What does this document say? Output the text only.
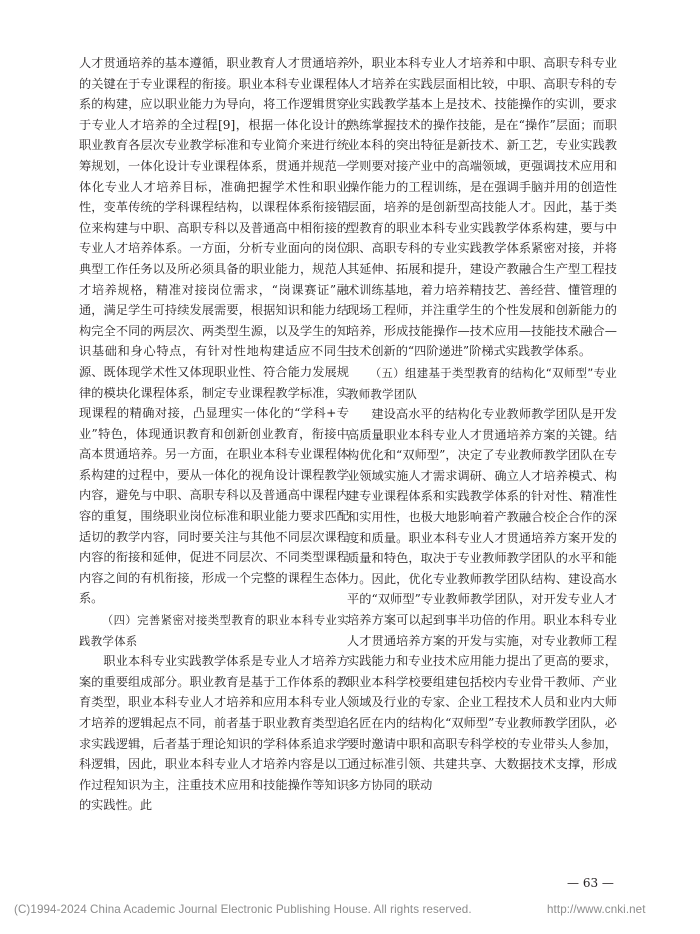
人才贯通培养的基本遵循，职业教育人才贯通培养的关键在于专业课程的衔接。职业本科专业课程体系的构建，应以职业能力为导向，将工作逻辑贯穿于专业人才培养的全过程[9]，根据一体化设计的职业教育各层次专业教学标准和专业简介来进行统筹规划，一体化设计专业课程体系，贯通并规范一体化专业人才培养目标，准确把握学术性和职业性，变革传统的学科课程结构，以课程体系衔接错位来构建与中职、高职专科以及普通高中相衔接的专业人才培养体系。一方面，分析专业面向的岗位典型工作任务以及所必须具备的职业能力，规范人才培养规格，精准对接岗位需求，“岗课赛证”融通，满足学生可持续发展需要，根据知识和能力结构完全不同的两层次、两类型生源，以及学生的知识基础和身心特点，有针对性地构建适应不同生源、既体现学术性又体现职业性、符合能力发展规律的模块化课程体系，制定专业课程教学标准，实现课程的精确对接，凸显理实一体化的“学科+专业”特色，体现通识教育和创新创业教育，衔接中高本贯通培养。另一方面，在职业本科专业课程体系构建的过程中，要从一体化的视角设计课程教学内容，避免与中职、高职专科以及普通高中课程内容的重复，围绕职业岗位标准和职业能力要求匹配适切的教学内容，同时要关注与其他不同层次课程内容的衔接和延伸，促进不同层次、不同类型课程内容之间的有机衔接，形成一个完整的课程生态体系。

（四）完善紧密对接类型教育的职业本科专业实践教学体系

职业本科专业实践教学体系是专业人才培养方案的重要组成部分。职业教育是基于工作体系的教育类型，职业本科专业人才培养和应用本科专业人才培养的逻辑起点不同，前者基于职业教育类型追求实践逻辑，后者基于理论知识的学科体系追求学科逻辑，因此，职业本科专业人才培养内容是以工作过程知识为主，注重技术应用和技能操作等知识的实践性。此

外，职业本科专业人才培养和中职、高职专科专业人才培养在实践层面相比较，中职、高职专科的专业实践教学基本上是技术、技能操作的实训，要求熟练掌握技术的操作技能，是在“操作”层面；而职业本科的突出特征是新技术、新工艺，专业实践教学则要对接产业中的高端领域，更强调技术应用和操作能力的工程训练，是在强调手脑并用的创造性层面，培养的是创新型高技能人才。因此，基于类型教育的职业本科专业实践教学体系构建，要与中职、高职专科的专业实践教学体系紧密对接，并将其延伸、拓展和提升，建设产教融合生产型工程技术训练基地，着力培养精技艺、善经营、懂管理的现场工程师，并注重学生的个性发展和创新能力的培养，形成技能操作—技术应用—技能技术融合—技术创新的“四阶递进”阶梯式实践教学体系。

（五）组建基于类型教育的结构化“双师型”专业教师教学团队

建设高水平的结构化专业教师教学团队是开发高质量职业本科专业人才贯通培养方案的关键。结构优化和“双师型”，决定了专业教师教学团队在专业领域实施人才需求调研、确立人才培养模式、构建专业课程体系和实践教学体系的针对性、精准性和实用性，也极大地影响着产教融合校企合作的深度和质量。职业本科专业人才贯通培养方案开发的质量和特色，取决于专业教师教学团队的水平和能力。因此，优化专业教师教学团队结构、建设高水平的“双师型”专业教师教学团队，对开发专业人才培养方案可以起到事半功倍的作用。职业本科专业人才贯通培养方案的开发与实施，对专业教师工程实践能力和专业技术应用能力提出了更高的要求，职业本科学校要组建包括校内专业骨干教师、产业领域及行业的专家、企业工程技术人员和业内大师名匠在内的结构化“双师型”专业教师教学团队，必要时邀请中职和高职专科学校的专业带头人参加，通过标准引领、共建共享、大数据技术支撑，形成多方协同的联动

— 63 —
(C)1994-2024 China Academic Journal Electronic Publishing House. All rights reserved.	http://www.cnki.net
